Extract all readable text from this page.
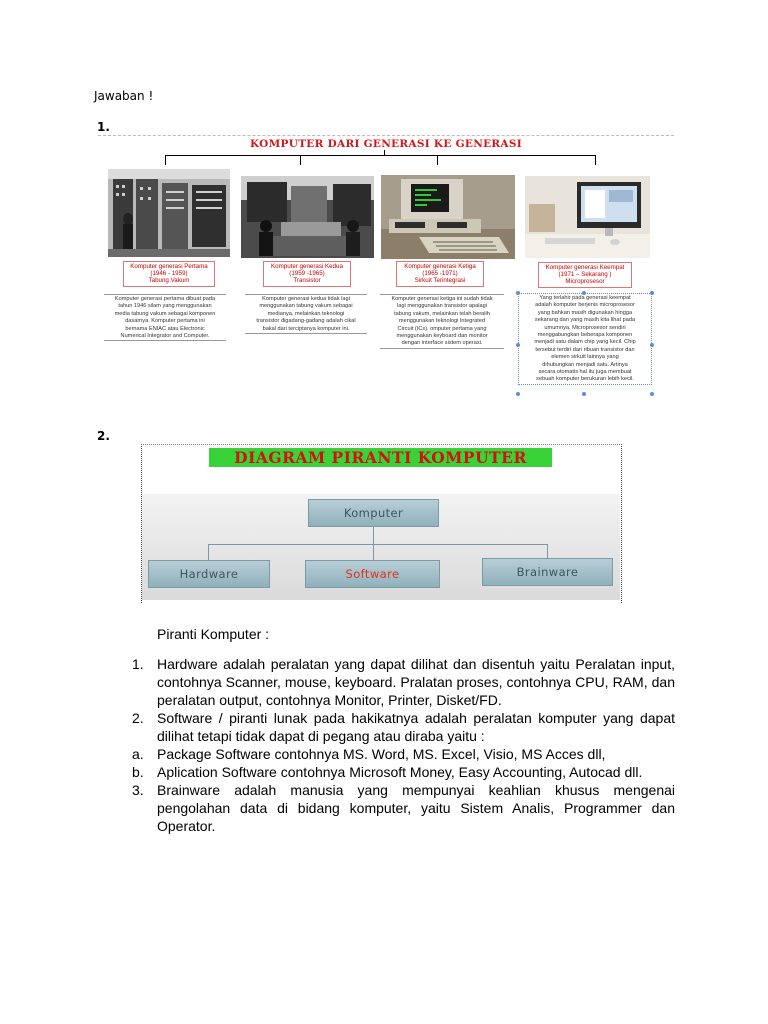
Jawaban !
1.
KOMPUTER DARI GENERASI KE GENERASI
Komputer generasi Pertama
(1946 - 1959)
Tabung Vakum
Komputer generasi Kedua
(1959 -1965)
Transistor
Komputer generasi Ketiga
(1965 -1971)
Sirkuit Terintegrasi
Komputer generasi Keempat
(1971 – Sekarang )
Microprosesor
Komputer generasi pertama dibuat pada
tahun 1946 silam yang menggunakan
media tabung vakum sebagai komponen
dasarnya. Komputer pertama ini
bernama ENIAC atau Electronic
Numerical Integrator and Computer.
Komputer generasi kedua tidak lagi
menggunakan tabung vakum sebagai
medianya, melainkan teknologi
transistor digadang-gadang adalah cikal
bakal dari terciptanya komputer ini.
Komputer generasi ketiga ini sudah tidak
lagi menggunakan transistor apalagi
tabung vakum, melainkan telah beralih
menggunakan teknologi Integrated
Circuit (ICs). omputer pertama yang
menggunakan keyboard dan monitor
dengan interface sistem operasi.
Yang terlahir pada generasi keempat
adalah komputer berjenis microprosesor
yang bahkan masih digunakan hingga
sekarang dan yang masih kita lihat pada
umumnya. Microprosesor sendiri
menggabungkan beberapa komponen
menjadi satu dalam chip yang kecil. Chip
tersebut terdiri dari ribuan transistor dan
elemen sirkuit lainnya yang
dihubungkan menjadi satu. Artinya
secara otomatis hal itu juga membuat
sebuah komputer berukuran lebih kecil.
2.
DIAGRAM PIRANTI KOMPUTER
Komputer
Hardware	Software	Brainware
Piranti Komputer :
1. Hardware adalah peralatan yang dapat dilihat dan disentuh yaitu Peralatan input, contohnya Scanner, mouse, keyboard. Pralatan proses, contohnya CPU, RAM, dan peralatan output, contohnya Monitor, Printer, Disket/FD.
2. Software / piranti lunak pada hakikatnya adalah peralatan komputer yang dapat dilihat tetapi tidak dapat di pegang atau diraba yaitu :
a. Package Software contohnya MS. Word, MS. Excel, Visio, MS Acces dll,
b. Aplication Software contohnya Microsoft Money, Easy Accounting, Autocad dll.
3. Brainware adalah manusia yang mempunyai keahlian khusus mengenai pengolahan data di bidang komputer, yaitu Sistem Analis, Programmer dan Operator.
